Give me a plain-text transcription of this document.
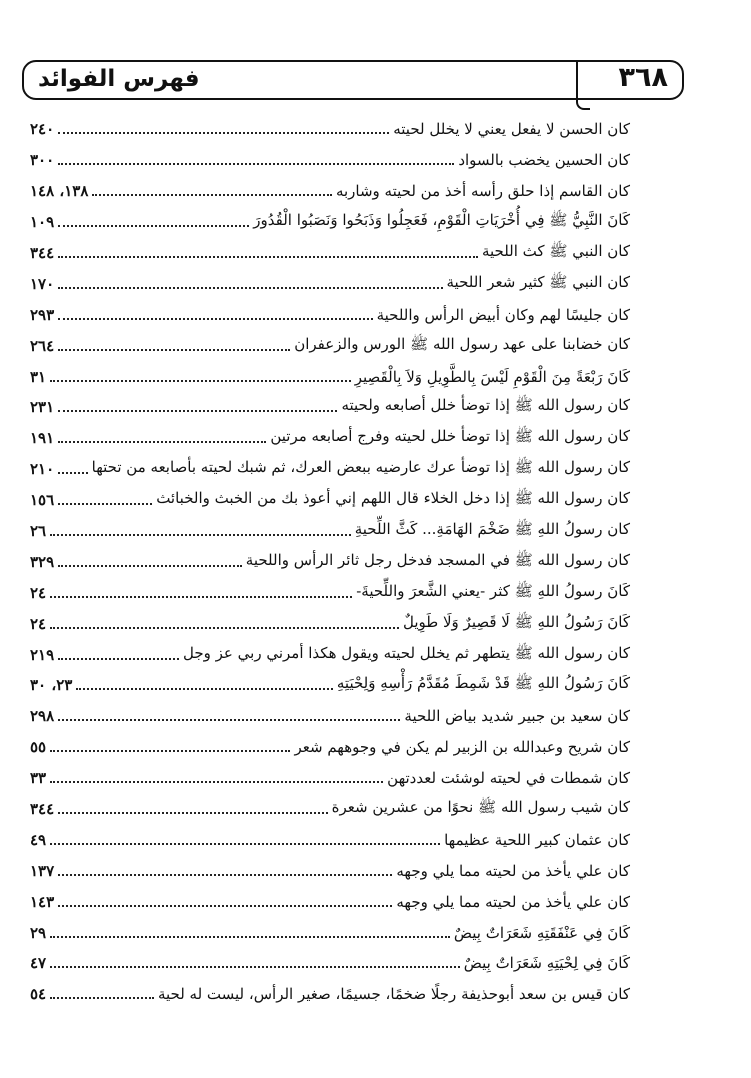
فهرس الفوائد	٣٦٨
كان الحسن لا يفعل يعني لا يخلل لحيته
٢٤٠
كان الحسين يخضب بالسواد
٣٠٠
كان القاسم إذا حلق رأسه أخذ من لحيته وشاربه
١٣٨، ١٤٨
كَانَ النَّبِيُّ ﷺ فِي أُخْرَيَاتِ الْقَوْمِ، فَعَجِلُوا وَذَبَحُوا وَنَصَبُوا الْقُدُورَ
١٠٩
كان النبي ﷺ كث اللحية
٣٤٤
كان النبي ﷺ كثير شعر اللحية
١٧٠
كان جليسًا لهم وكان أبيض الرأس واللحية
٢٩٣
كان خضابنا على عهد رسول الله ﷺ الورس والزعفران
٢٦٤
كَانَ رَبْعَةً مِنَ الْقَوْمِ لَيْسَ بِالطَّوِيلِ وَلاَ بِالْقَصِيرِ
٣١
كان رسول الله ﷺ إذا توضأ خلل أصابعه ولحيته
٢٣١
كان رسول الله ﷺ إذا توضأ خلل لحيته وفرج أصابعه مرتين
١٩١
كان رسول الله ﷺ إذا توضأ عرك عارضيه ببعض العرك، ثم شبك لحيته بأصابعه من تحتها
٢١٠
كان رسول الله ﷺ إذا دخل الخلاء قال اللهم إني أعوذ بك من الخبث والخبائث
١٥٦
كان رسولُ اللهِ ﷺ ضَخْمَ الهَامَةِ... كَثَّ اللِّحيةِ
٢٦
كان رسول الله ﷺ في المسجد فدخل رجل ثائر الرأس واللحية
٣٢٩
كَانَ رسولُ اللهِ ﷺ كثر -يعني الشَّعرَ واللِّحيةَ-
٢٤
كَانَ رَسُولُ اللهِ ﷺ لَا قَصِيرٌ وَلَا طَوِيلٌ
٢٤
كان رسول الله ﷺ يتطهر ثم يخلل لحيته ويقول هكذا أمرني ربي عز وجل
٢١٩
كَانَ رَسُولُ اللهِ ﷺ قَدْ شَمِطَ مُقَدَّمُ رَأْسِهِ وَلِحْيَتِهِ
٢٣، ٣٠
كان سعيد بن جبير شديد بياض اللحية
٢٩٨
كان شريح وعبدالله بن الزبير لم يكن في وجوههم شعر
٥٥
كان شمطات في لحيته لوشئت لعددتهن
٣٣
كان شيب رسول الله ﷺ نحوًا من عشرين شعرة
٣٤٤
كان عثمان كبير اللحية عظيمها
٤٩
كان علي يأخذ من لحيته مما يلي وجهه
١٣٧
كان علي يأخذ من لحيته مما يلي وجهه
١٤٣
كَانَ فِي عَنْفَقَتِهِ شَعَرَاتٌ بِيضٌ
٢٩
كَانَ فِي لِحْيَتِهِ شَعَرَاتٌ بِيضٌ
٤٧
كان قيس بن سعد أبوحذيفة رجلًا ضخمًا، جسيمًا، صغير الرأس، ليست له لحية
٥٤
